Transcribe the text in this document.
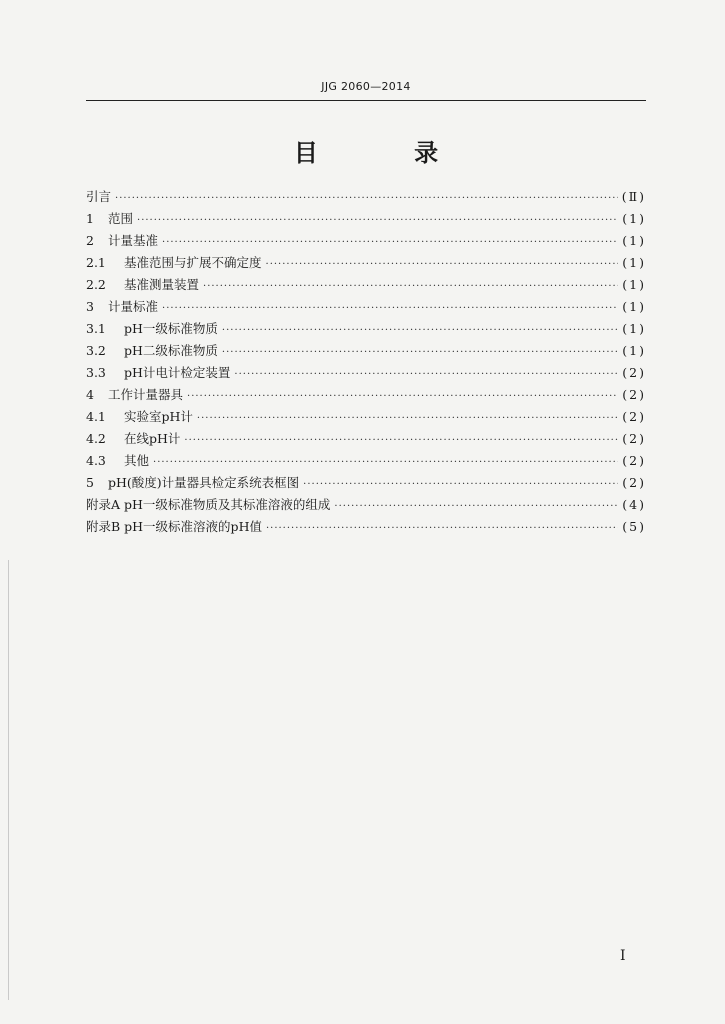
JJG 2060—2014
目 录
引言 ·····	(Ⅱ)
1	范围 ·····	(1)
2	计量基准 ·····	(1)
2.1	基准范围与扩展不确定度 ·····	(1)
2.2	基准测量装置 ·····	(1)
3	计量标准 ·····	(1)
3.1	pH一级标准物质 ·····	(1)
3.2	pH二级标准物质 ·····	(1)
3.3	pH计电计检定装置 ·····	(2)
4	工作计量器具 ·····	(2)
4.1	实验室pH计 ·····	(2)
4.2	在线pH计 ·····	(2)
4.3	其他 ·····	(2)
5	pH(酸度)计量器具检定系统表框图 ·····	(2)
附录A pH一级标准物质及其标准溶液的组成 ·····	(4)
附录B pH一级标准溶液的pH值 ·····	(5)
I
